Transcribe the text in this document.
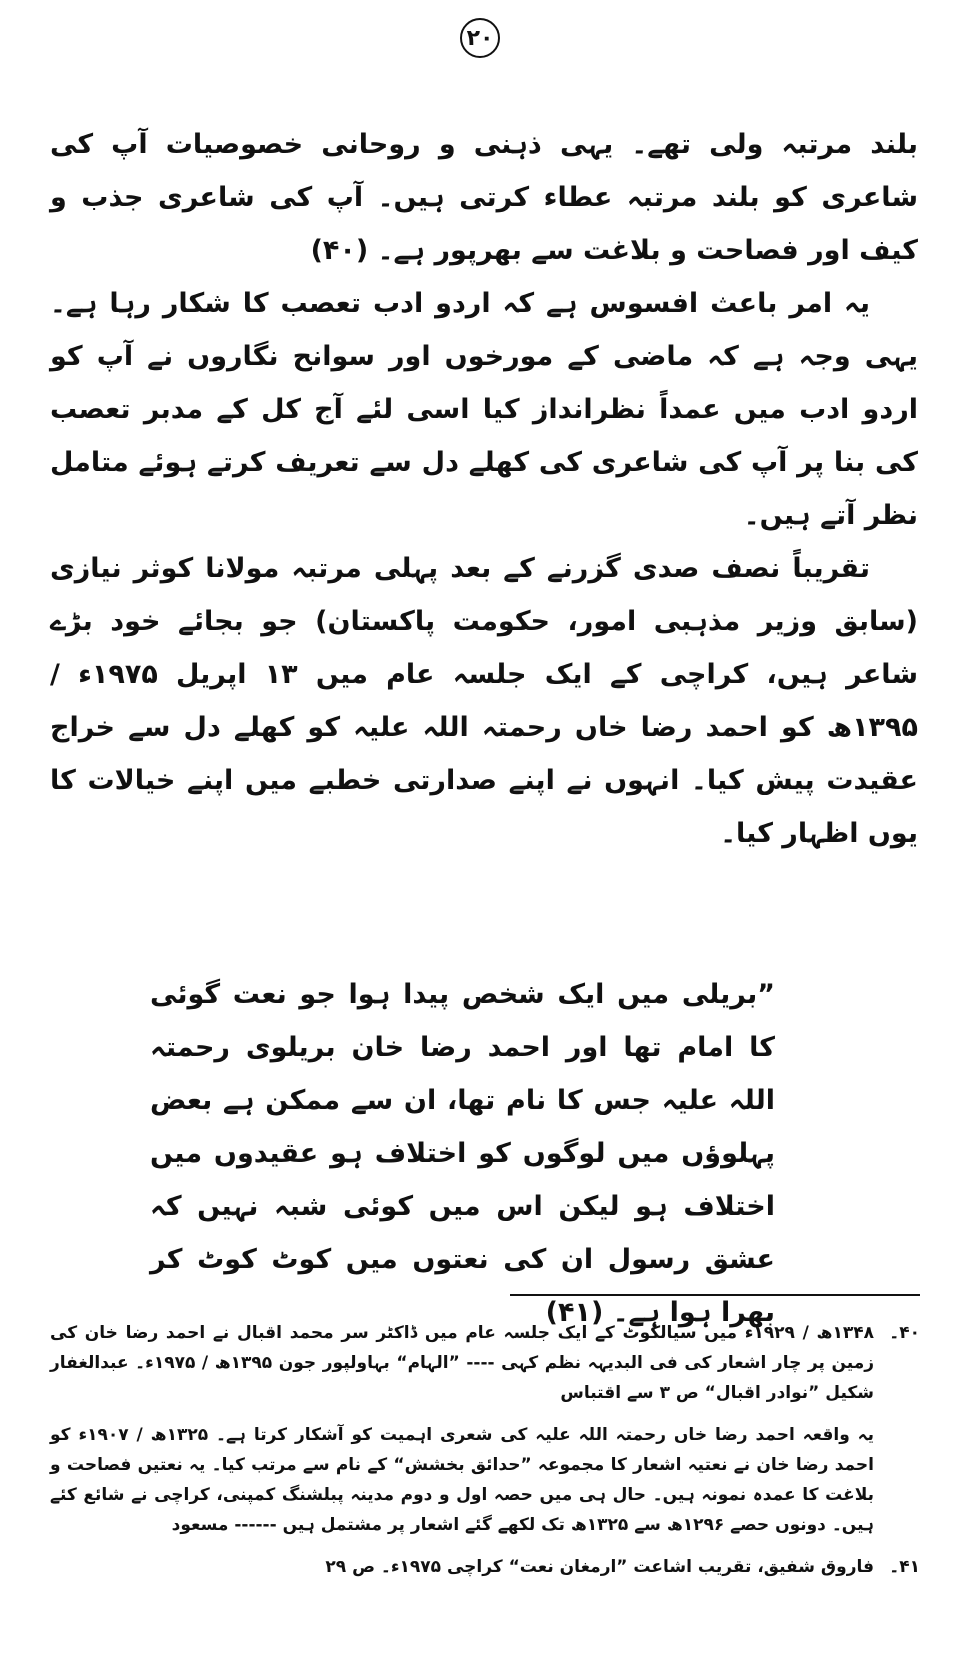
۲۰

بلند مرتبہ ولی تھے۔ یہی ذہنی و روحانی خصوصیات آپ کی شاعری کو بلند مرتبہ عطاء کرتی ہیں۔ آپ کی شاعری جذب و کیف اور فصاحت و بلاغت سے بھرپور ہے۔ (۴۰)

یہ امر باعث افسوس ہے کہ اردو ادب تعصب کا شکار رہا ہے۔ یہی وجہ ہے کہ ماضی کے مورخوں اور سوانح نگاروں نے آپ کو اردو ادب میں عمداً نظرانداز کیا اسی لئے آج کل کے مدبر تعصب کی بنا پر آپ کی شاعری کی کھلے دل سے تعریف کرتے ہوئے متامل نظر آتے ہیں۔

تقریباً نصف صدی گزرنے کے بعد پہلی مرتبہ مولانا کوثر نیازی (سابق وزیر مذہبی امور، حکومت پاکستان) جو بجائے خود بڑے شاعر ہیں، کراچی کے ایک جلسہ عام میں ۱۳ اپریل ۱۹۷۵ء / ۱۳۹۵ھ کو احمد رضا خاں رحمتہ اللہ علیہ کو کھلے دل سے خراج عقیدت پیش کیا۔ انہوں نے اپنے صدارتی خطبے میں اپنے خیالات کا یوں اظہار کیا۔

”بریلی میں ایک شخص پیدا ہوا جو نعت گوئی کا امام تھا اور احمد رضا خان بریلوی رحمتہ اللہ علیہ جس کا نام تھا، ان سے ممکن ہے بعض پہلوؤں میں لوگوں کو اختلاف ہو عقیدوں میں اختلاف ہو لیکن اس میں کوئی شبہ نہیں کہ عشق رسول ان کی نعتوں میں کوٹ کوٹ کر بھرا ہوا ہے۔ (۴۱)

۴۰۔

۱۳۴۸ھ / ۱۹۲۹ء میں سیالکوٹ کے ایک جلسہ عام میں ڈاکٹر سر محمد اقبال نے احمد رضا خان کی زمین پر چار اشعار کی فی البدیہہ نظم کہی ---- ”الہام“ بہاولپور جون ۱۳۹۵ھ / ۱۹۷۵ء۔ عبدالغفار شکیل ”نوادر اقبال“ ص ۳ سے اقتباس

یہ واقعہ احمد رضا خاں رحمتہ اللہ علیہ کی شعری اہمیت کو آشکار کرتا ہے۔ ۱۳۲۵ھ / ۱۹۰۷ء کو احمد رضا خان نے نعتیہ اشعار کا مجموعہ ”حدائق بخشش“ کے نام سے مرتب کیا۔ یہ نعتیں فصاحت و بلاغت کا عمدہ نمونہ ہیں۔ حال ہی میں حصہ اول و دوم مدینہ پبلشنگ کمپنی، کراچی نے شائع کئے ہیں۔ دونوں حصے ۱۲۹۶ھ سے ۱۳۲۵ھ تک لکھے گئے اشعار پر مشتمل ہیں ------ مسعود

۴۱۔

فاروق شفیق، تقریب اشاعت ”ارمغان نعت“ کراچی ۱۹۷۵ء۔ ص ۲۹
